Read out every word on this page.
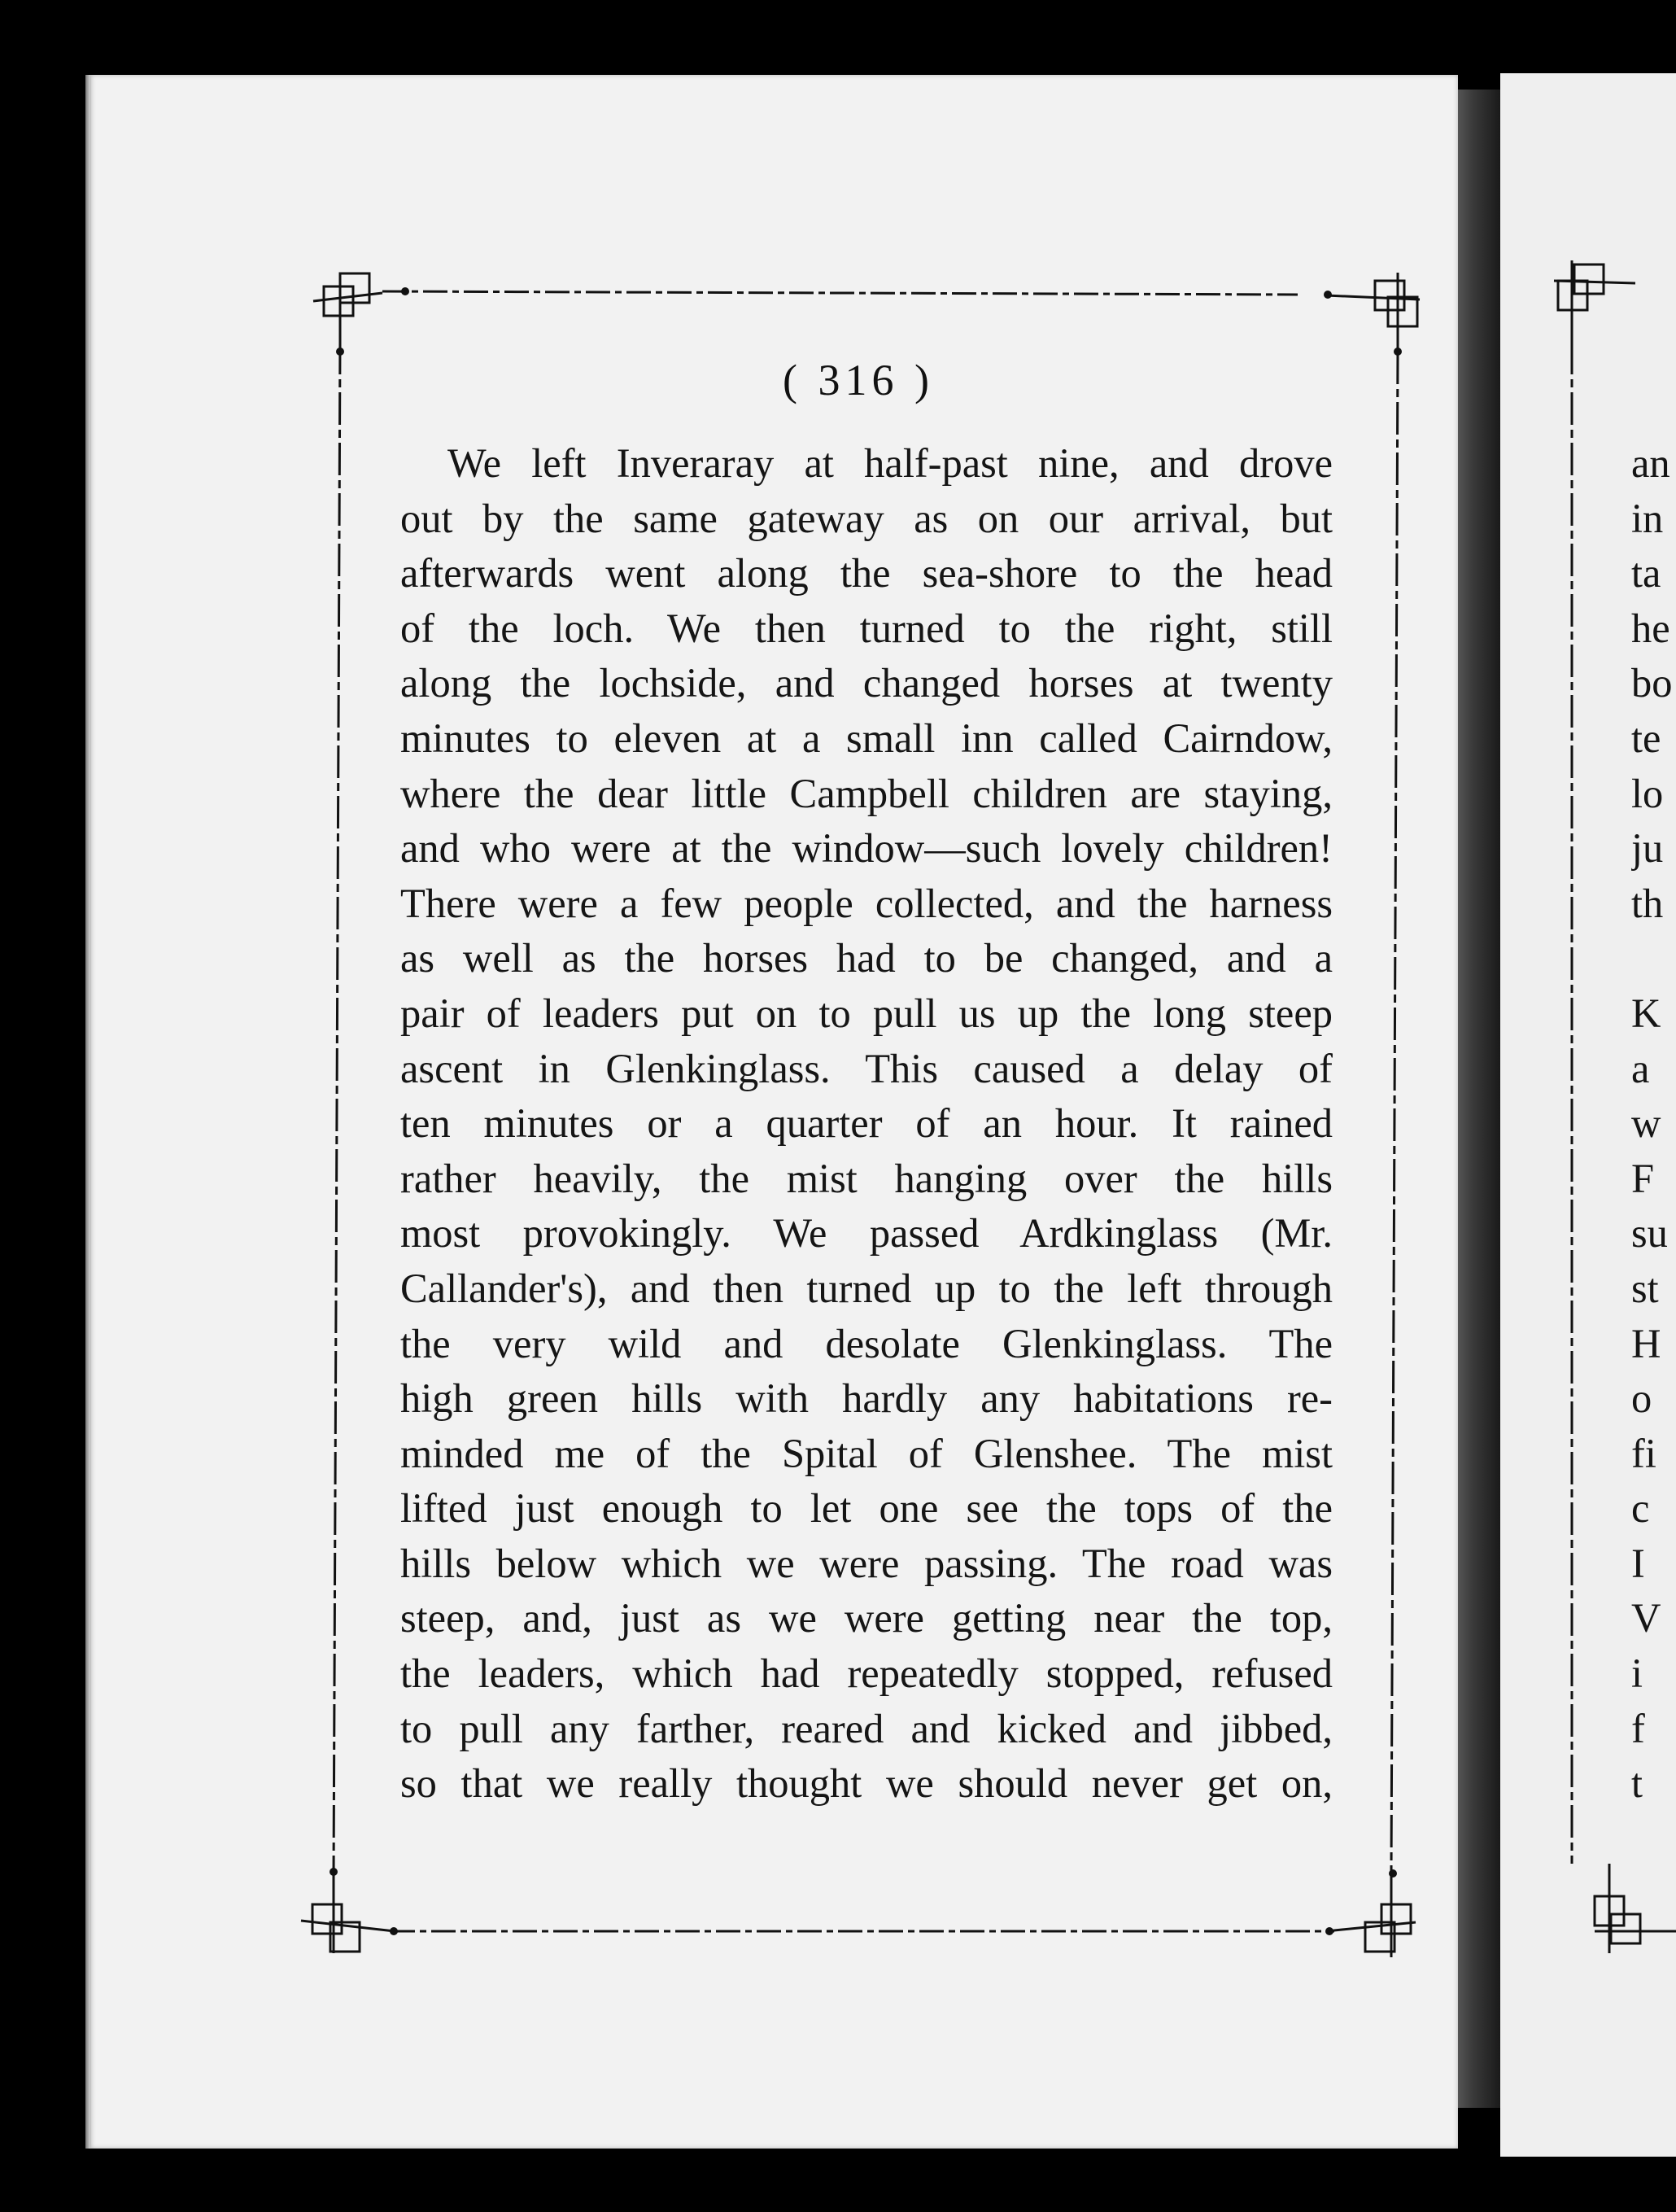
( 316 )
We left Inveraray at half-past nine, and drove
out by the same gateway as on our arrival, but
afterwards went along the sea-shore to the head
of the loch. We then turned to the right, still
along the lochside, and changed horses at twenty
minutes to eleven at a small inn called Cairndow,
where the dear little Campbell children are staying,
and who were at the window—such lovely children!
There were a few people collected, and the harness
as well as the horses had to be changed, and a
pair of leaders put on to pull us up the long steep
ascent in Glenkinglass. This caused a delay of
ten minutes or a quarter of an hour. It rained
rather heavily, the mist hanging over the hills
most provokingly. We passed Ardkinglass (Mr.
Callander's), and then turned up to the left through
the very wild and desolate Glenkinglass. The
high green hills with hardly any habitations re-
minded me of the Spital of Glenshee. The mist
lifted just enough to let one see the tops of the
hills below which we were passing. The road was
steep, and, just as we were getting near the top,
the leaders, which had repeatedly stopped, refused
to pull any farther, reared and kicked and jibbed,
so that we really thought we should never get on,
an
in
ta
he
bo
te
lo
ju
th
K
a
w
F
su
st
H
o
fi
c
I
V
i
f
t
